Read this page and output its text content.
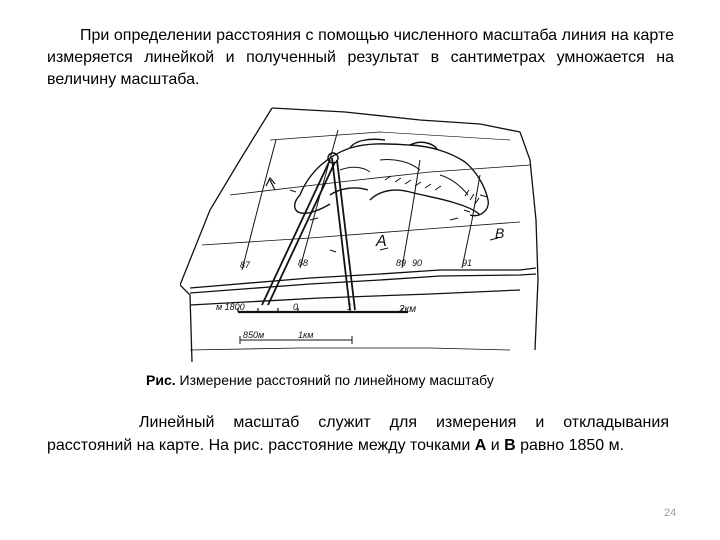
При определении расстояния с помощью численного масштаба линия на карте измеряется линейкой и полученный результат в сантиметрах умножается на величину масштаба.

A	B
87	88	89 90	91
м 1800	0	1	2км
850м	1км
Рис. Измерение расстояний по линейному масштабу

Линейный масштаб служит для измерения и откладывания расстояний на карте. На рис. расстояние между точками А и В равно 1850 м.

24
